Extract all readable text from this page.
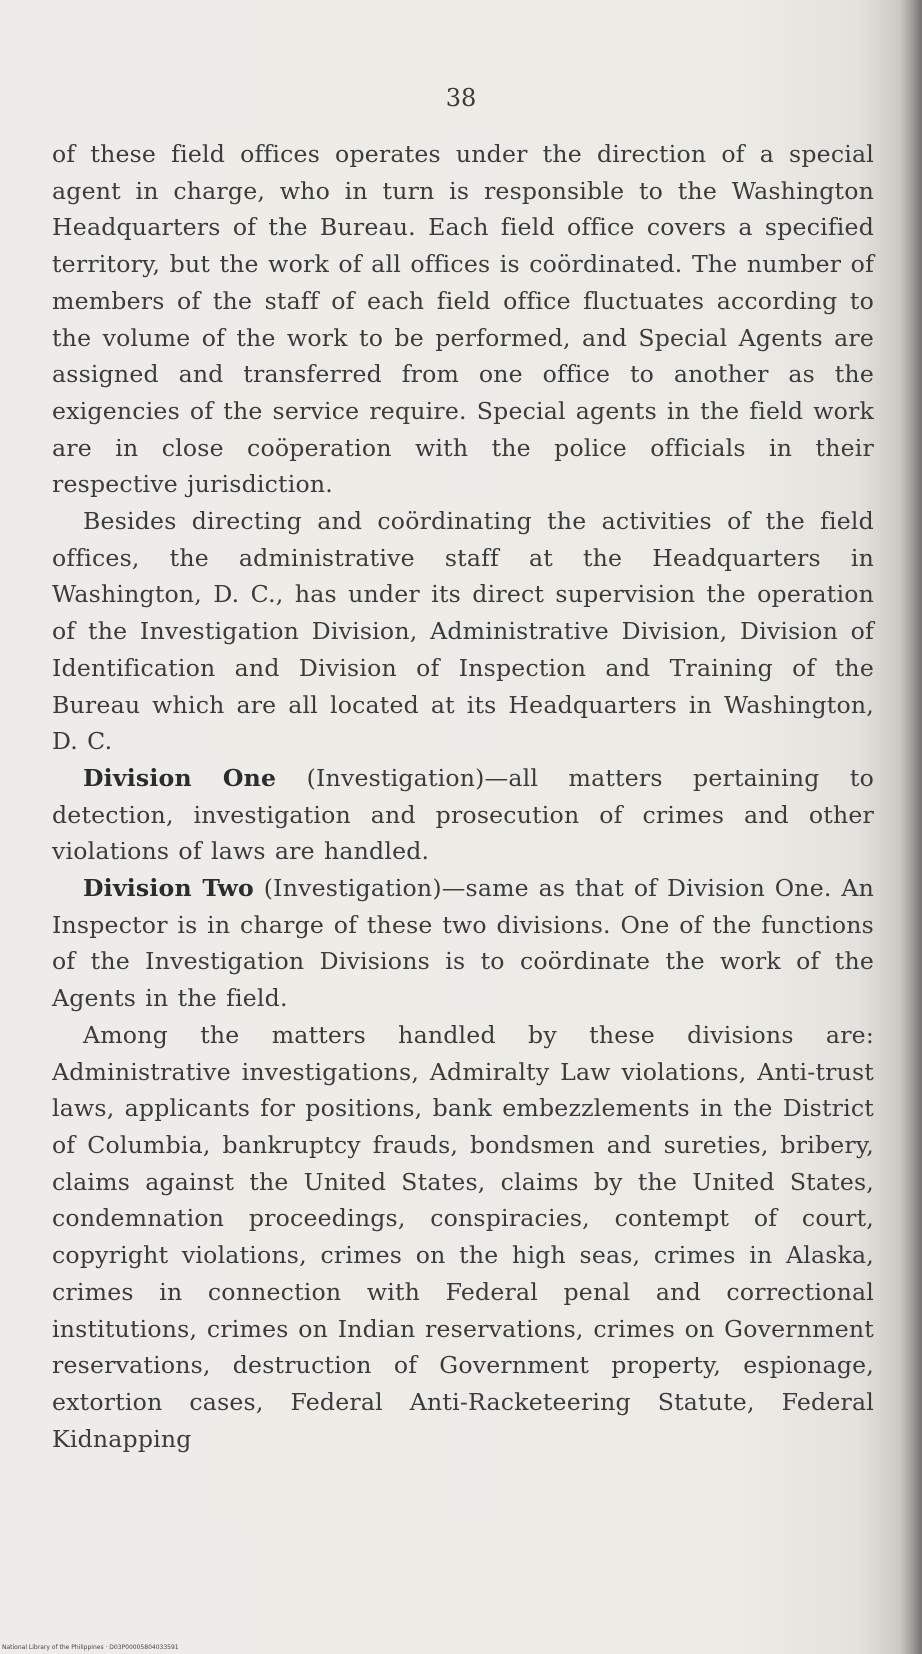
38

of these field offices operates under the direction of a special agent in charge, who in turn is responsible to the Washington Headquarters of the Bureau. Each field office covers a specified territory, but the work of all offices is coördinated. The number of members of the staff of each field office fluctuates according to the volume of the work to be performed, and Special Agents are assigned and transferred from one office to another as the exigencies of the service require. Special agents in the field work are in close coöperation with the police officials in their respective jurisdiction.

Besides directing and coördinating the activities of the field offices, the administrative staff at the Headquarters in Washington, D. C., has under its direct supervision the operation of the Investigation Division, Administrative Division, Division of Identification and Division of Inspection and Training of the Bureau which are all located at its Headquarters in Washington, D. C.

Division One (Investigation)—all matters pertaining to detection, investigation and prosecution of crimes and other violations of laws are handled.

Division Two (Investigation)—same as that of Division One. An Inspector is in charge of these two divisions. One of the functions of the Investigation Divisions is to coördinate the work of the Agents in the field.

Among the matters handled by these divisions are: Administrative investigations, Admiralty Law violations, Anti-trust laws, applicants for positions, bank embezzlements in the District of Columbia, bankruptcy frauds, bondsmen and sureties, bribery, claims against the United States, claims by the United States, condemnation proceedings, conspiracies, contempt of court, copyright violations, crimes on the high seas, crimes in Alaska, crimes in connection with Federal penal and correctional institutions, crimes on Indian reservations, crimes on Government reservations, destruction of Government property, espionage, extortion cases, Federal Anti-Racketeering Statute, Federal Kidnapping

National Library of the Philippines · D03P00005804033591
